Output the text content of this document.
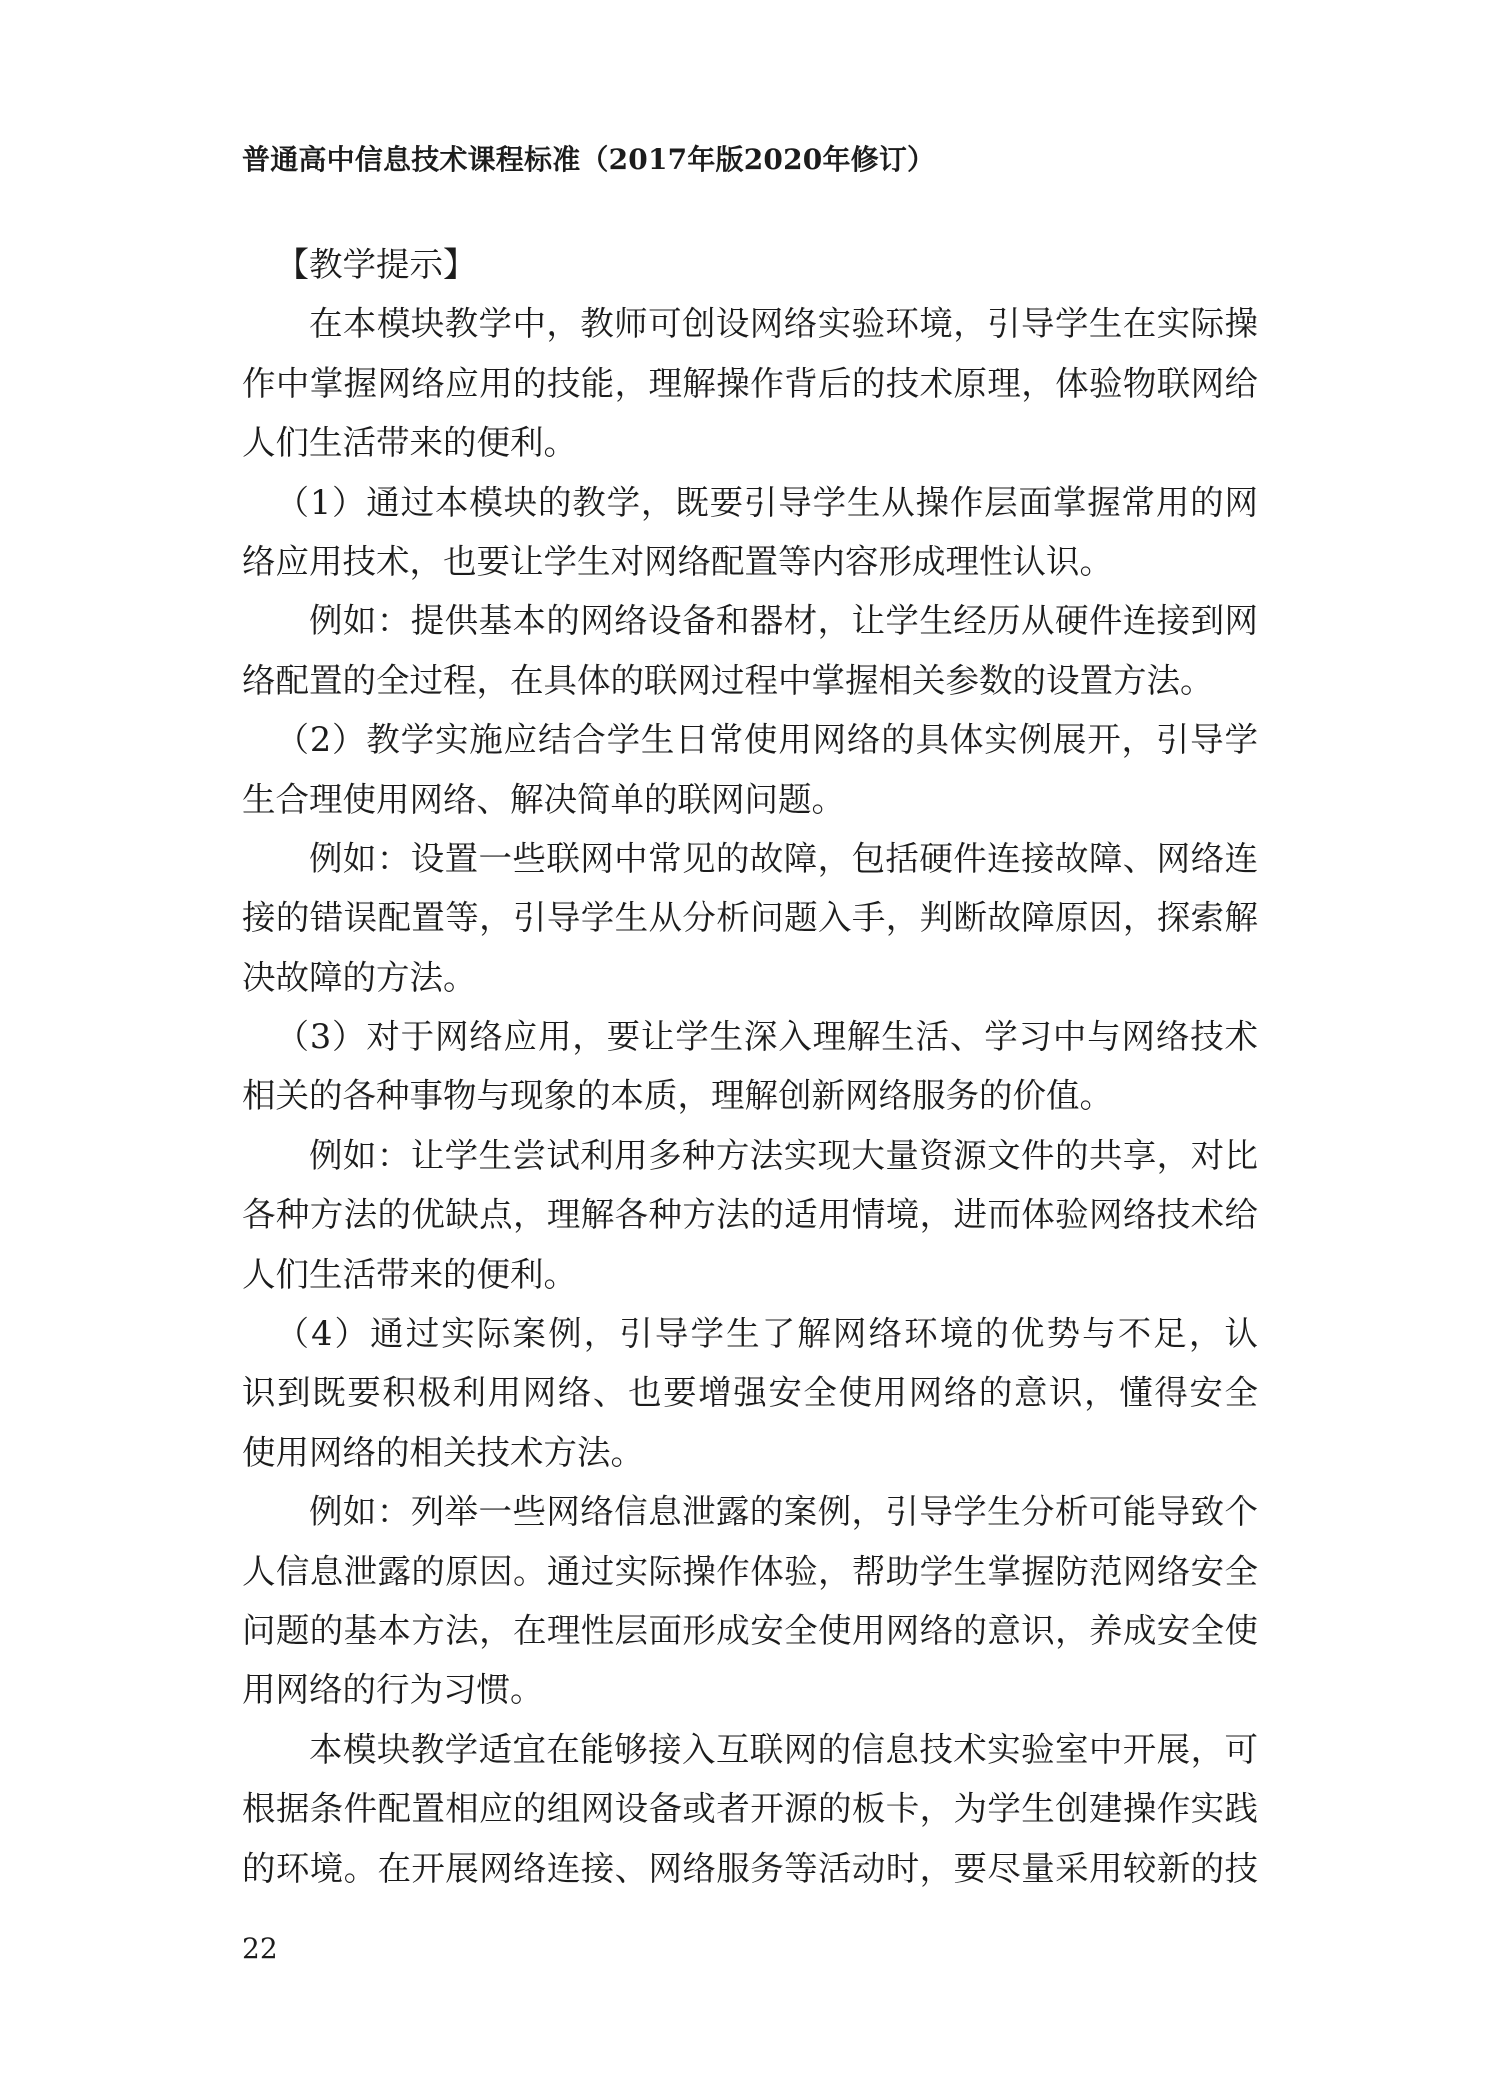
普通高中信息技术课程标准（2017年版2020年修订）
【教学提示】
在本模块教学中，教师可创设网络实验环境，引导学生在实际操
作中掌握网络应用的技能，理解操作背后的技术原理，体验物联网给
人们生活带来的便利。
（1）通过本模块的教学，既要引导学生从操作层面掌握常用的网
络应用技术，也要让学生对网络配置等内容形成理性认识。
例如：提供基本的网络设备和器材，让学生经历从硬件连接到网
络配置的全过程，在具体的联网过程中掌握相关参数的设置方法。
（2）教学实施应结合学生日常使用网络的具体实例展开，引导学
生合理使用网络、解决简单的联网问题。
例如：设置一些联网中常见的故障，包括硬件连接故障、网络连
接的错误配置等，引导学生从分析问题入手，判断故障原因，探索解
决故障的方法。
（3）对于网络应用，要让学生深入理解生活、学习中与网络技术
相关的各种事物与现象的本质，理解创新网络服务的价值。
例如：让学生尝试利用多种方法实现大量资源文件的共享，对比
各种方法的优缺点，理解各种方法的适用情境，进而体验网络技术给
人们生活带来的便利。
（4）通过实际案例，引导学生了解网络环境的优势与不足，认
识到既要积极利用网络、也要增强安全使用网络的意识，懂得安全
使用网络的相关技术方法。
例如：列举一些网络信息泄露的案例，引导学生分析可能导致个
人信息泄露的原因。通过实际操作体验，帮助学生掌握防范网络安全
问题的基本方法，在理性层面形成安全使用网络的意识，养成安全使
用网络的行为习惯。
本模块教学适宜在能够接入互联网的信息技术实验室中开展，可
根据条件配置相应的组网设备或者开源的板卡，为学生创建操作实践
的环境。在开展网络连接、网络服务等活动时，要尽量采用较新的技
22
